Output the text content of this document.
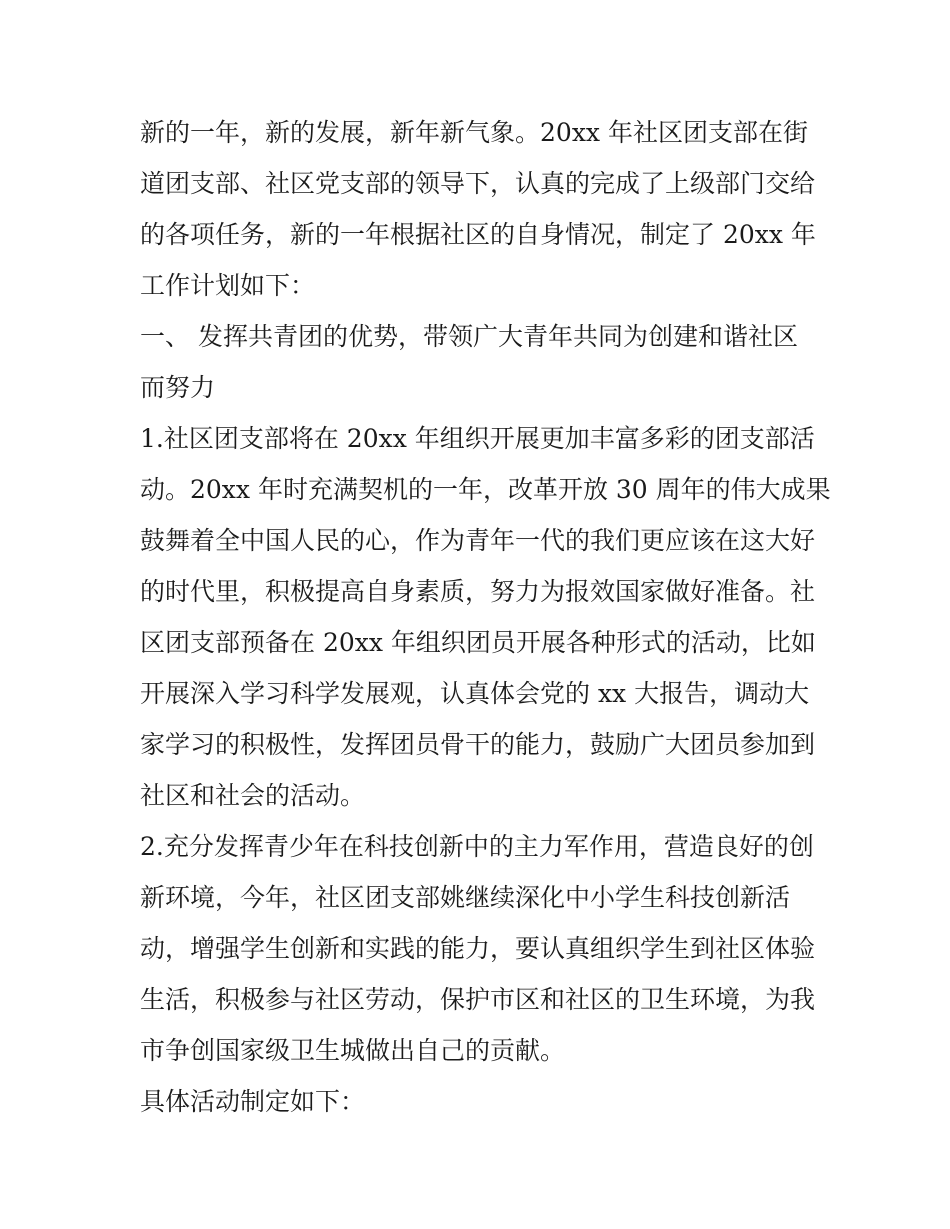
新的一年，新的发展，新年新气象。20xx 年社区团支部在街
道团支部、社区党支部的领导下，认真的完成了上级部门交给
的各项任务，新的一年根据社区的自身情况，制定了 20xx 年
工作计划如下：
一、 发挥共青团的优势，带领广大青年共同为创建和谐社区
而努力
1.社区团支部将在 20xx 年组织开展更加丰富多彩的团支部活
动。20xx 年时充满契机的一年，改革开放 30 周年的伟大成果
鼓舞着全中国人民的心，作为青年一代的我们更应该在这大好
的时代里，积极提高自身素质，努力为报效国家做好准备。社
区团支部预备在 20xx 年组织团员开展各种形式的活动，比如
开展深入学习科学发展观，认真体会党的 xx 大报告，调动大
家学习的积极性，发挥团员骨干的能力，鼓励广大团员参加到
社区和社会的活动。
2.充分发挥青少年在科技创新中的主力军作用，营造良好的创
新环境，今年，社区团支部姚继续深化中小学生科技创新活
动，增强学生创新和实践的能力，要认真组织学生到社区体验
生活，积极参与社区劳动，保护市区和社区的卫生环境，为我
市争创国家级卫生城做出自己的贡献。
具体活动制定如下：
